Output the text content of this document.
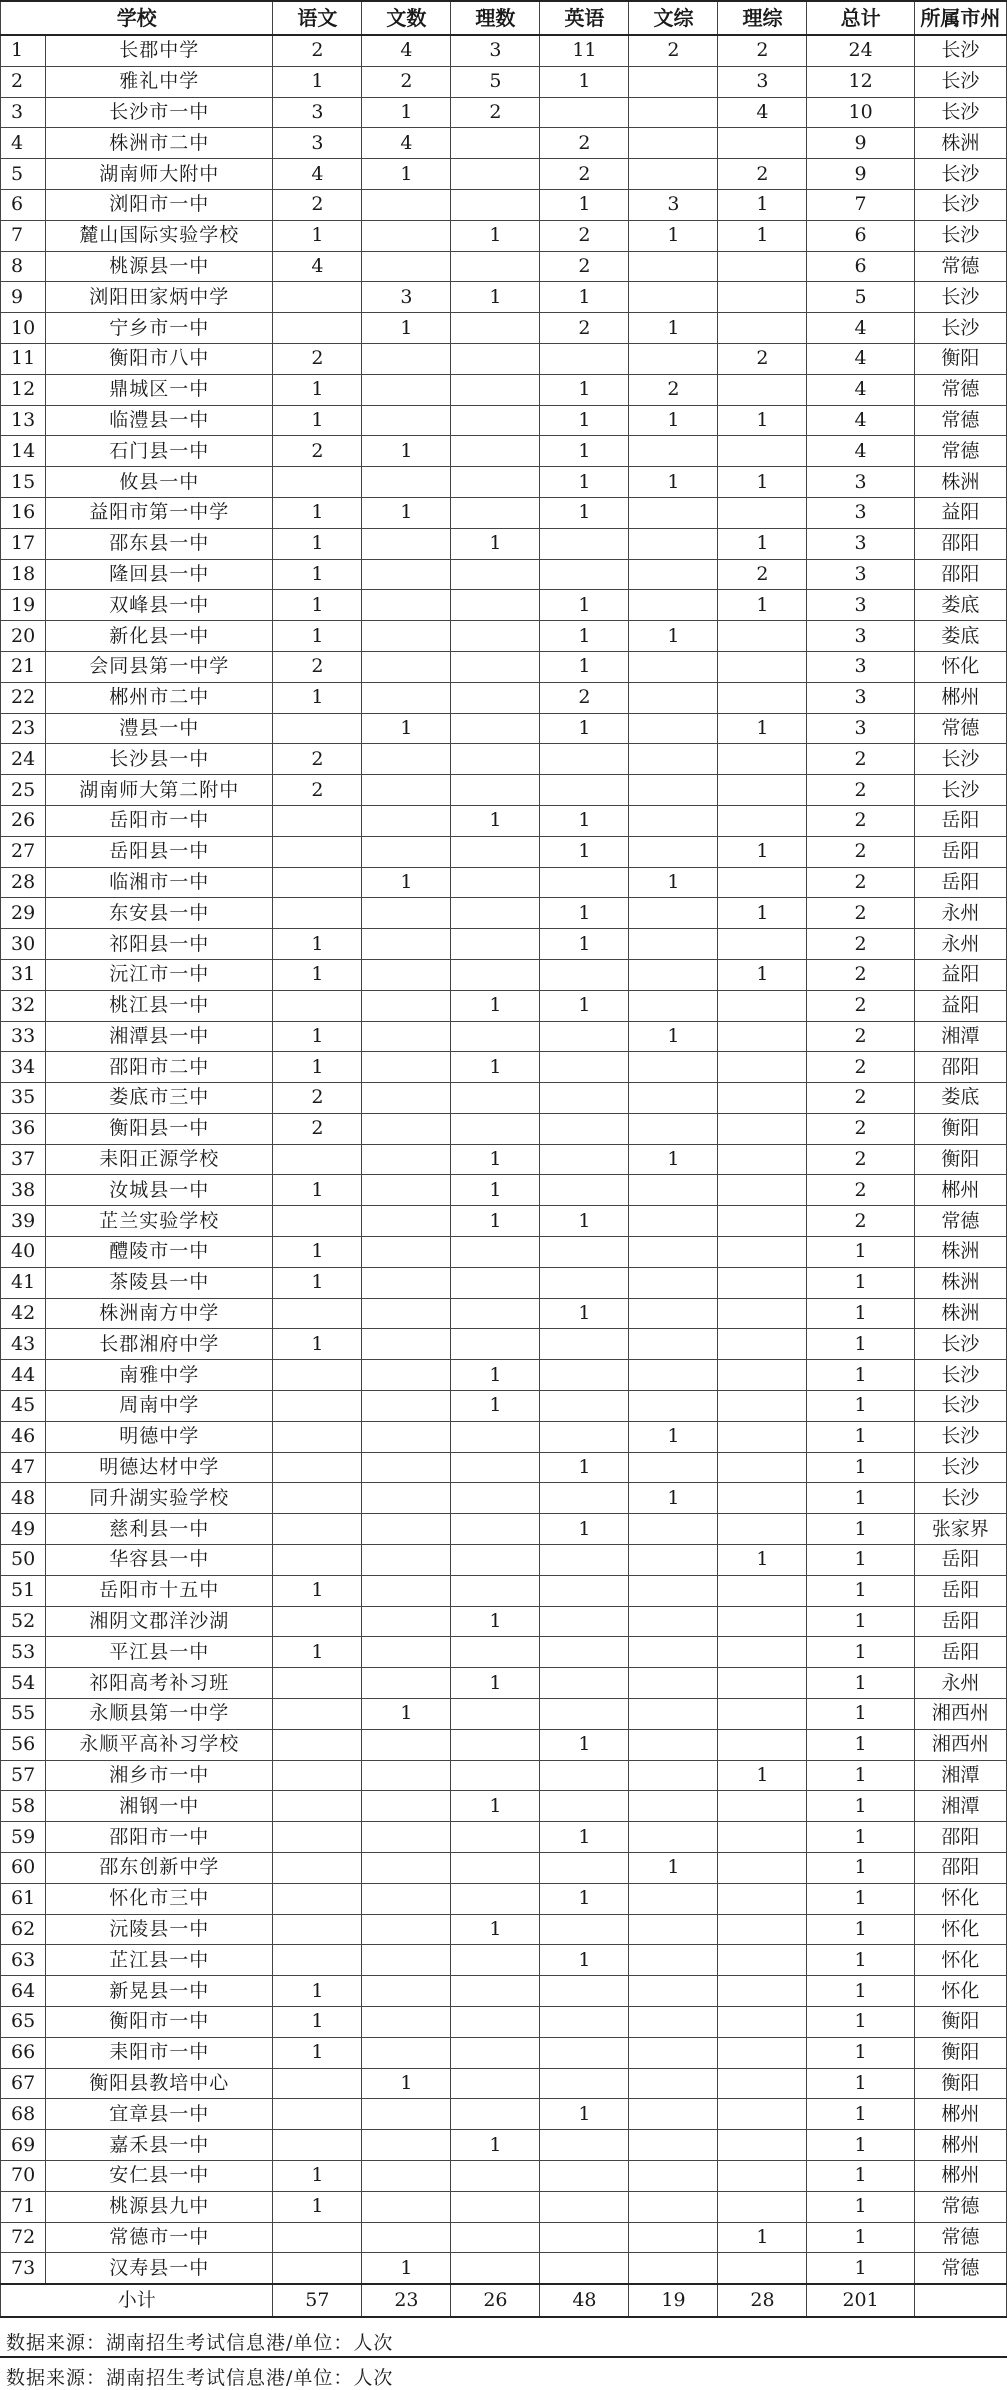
学校		语文	文数	理数	英语	文综	理综	总计	所属市州
1	长郡中学	2	4	3	11	2	2	24	长沙
2	雅礼中学	1	2	5	1		3	12	长沙
3	长沙市一中	3	1	2			4	10	长沙
4	株洲市二中	3	4		2			9	株洲
5	湖南师大附中	4	1		2		2	9	长沙
6	浏阳市一中	2			1	3	1	7	长沙
7	麓山国际实验学校	1		1	2	1	1	6	长沙
8	桃源县一中	4			2			6	常德
9	浏阳田家炳中学		3	1	1			5	长沙
10	宁乡市一中		1		2	1		4	长沙
11	衡阳市八中	2					2	4	衡阳
12	鼎城区一中	1			1	2		4	常德
13	临澧县一中	1			1	1	1	4	常德
14	石门县一中	2	1		1			4	常德
15	攸县一中				1	1	1	3	株洲
16	益阳市第一中学	1	1		1			3	益阳
17	邵东县一中	1		1			1	3	邵阳
18	隆回县一中	1					2	3	邵阳
19	双峰县一中	1			1		1	3	娄底
20	新化县一中	1			1	1		3	娄底
21	会同县第一中学	2			1			3	怀化
22	郴州市二中	1			2			3	郴州
23	澧县一中		1		1		1	3	常德
24	长沙县一中	2						2	长沙
25	湖南师大第二附中	2						2	长沙
26	岳阳市一中			1	1			2	岳阳
27	岳阳县一中				1		1	2	岳阳
28	临湘市一中		1			1		2	岳阳
29	东安县一中				1		1	2	永州
30	祁阳县一中	1			1			2	永州
31	沅江市一中	1					1	2	益阳
32	桃江县一中			1	1			2	益阳
33	湘潭县一中	1				1		2	湘潭
34	邵阳市二中	1		1				2	邵阳
35	娄底市三中	2						2	娄底
36	衡阳县一中	2						2	衡阳
37	耒阳正源学校			1		1		2	衡阳
38	汝城县一中	1		1				2	郴州
39	芷兰实验学校			1	1			2	常德
40	醴陵市一中	1						1	株洲
41	茶陵县一中	1						1	株洲
42	株洲南方中学				1			1	株洲
43	长郡湘府中学	1						1	长沙
44	南雅中学			1				1	长沙
45	周南中学			1				1	长沙
46	明德中学					1		1	长沙
47	明德达材中学				1			1	长沙
48	同升湖实验学校					1		1	长沙
49	慈利县一中				1			1	张家界
50	华容县一中						1	1	岳阳
51	岳阳市十五中	1						1	岳阳
52	湘阴文郡洋沙湖			1				1	岳阳
53	平江县一中	1						1	岳阳
54	祁阳高考补习班			1				1	永州
55	永顺县第一中学		1					1	湘西州
56	永顺平高补习学校				1			1	湘西州
57	湘乡市一中						1	1	湘潭
58	湘钢一中			1				1	湘潭
59	邵阳市一中				1			1	邵阳
60	邵东创新中学					1		1	邵阳
61	怀化市三中				1			1	怀化
62	沅陵县一中			1				1	怀化
63	芷江县一中				1			1	怀化
64	新晃县一中	1						1	怀化
65	衡阳市一中	1						1	衡阳
66	耒阳市一中	1						1	衡阳
67	衡阳县教培中心		1					1	衡阳
68	宜章县一中				1			1	郴州
69	嘉禾县一中			1				1	郴州
70	安仁县一中	1						1	郴州
71	桃源县九中	1						1	常德
72	常德市一中						1	1	常德
73	汉寿县一中		1					1	常德
小计		57	23	26	48	19	28	201	
数据来源：湖南招生考试信息港/单位：人次
数据来源：湖南招生考试信息港/单位：人次
